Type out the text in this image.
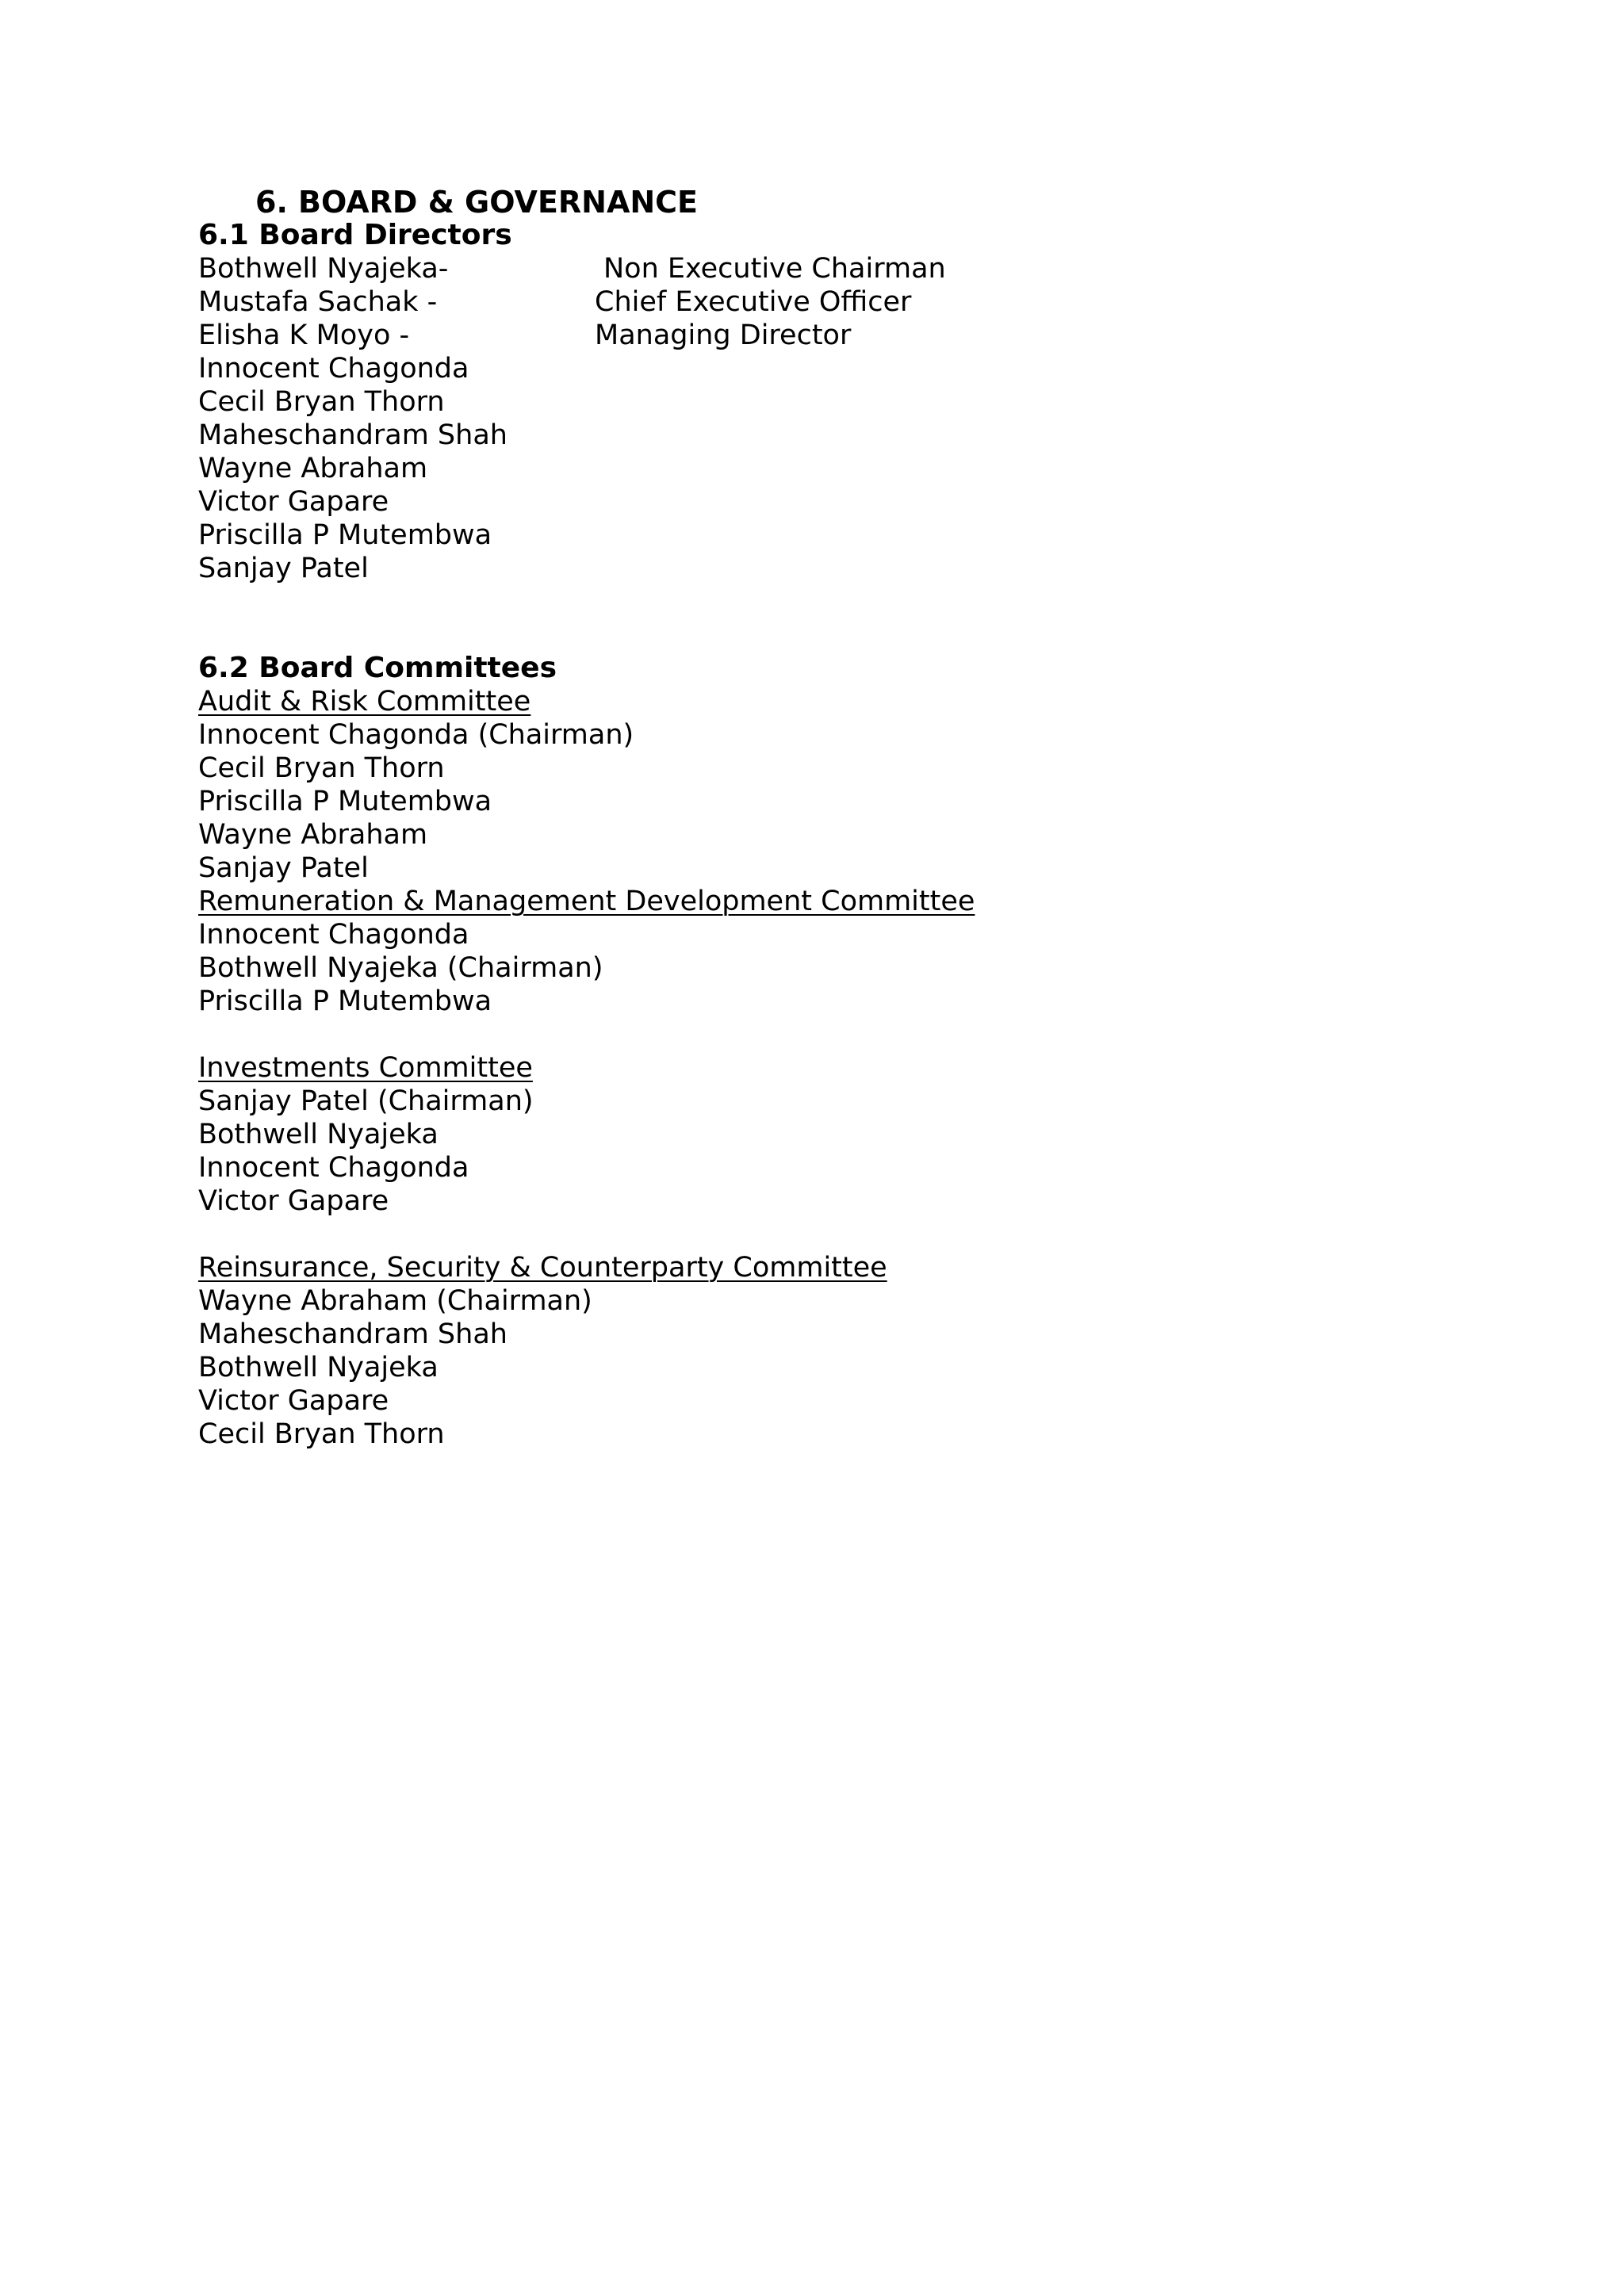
6. BOARD & GOVERNANCE
6.1 Board Directors
Bothwell Nyajeka-	Non Executive Chairman
Mustafa Sachak -	Chief Executive Officer
Elisha K Moyo -	Managing Director
Innocent Chagonda
Cecil Bryan Thorn
Maheschandram Shah
Wayne Abraham
Victor Gapare
Priscilla P Mutembwa
Sanjay Patel
6.2 Board Committees
Audit & Risk Committee
Innocent Chagonda (Chairman)
Cecil Bryan Thorn
Priscilla P Mutembwa
Wayne Abraham
Sanjay Patel
Remuneration & Management Development Committee
Innocent Chagonda
Bothwell Nyajeka (Chairman)
Priscilla P Mutembwa
Investments Committee
Sanjay Patel (Chairman)
Bothwell Nyajeka
Innocent Chagonda
Victor Gapare
Reinsurance, Security & Counterparty Committee
Wayne Abraham (Chairman)
Maheschandram Shah
Bothwell Nyajeka
Victor Gapare
Cecil Bryan Thorn
